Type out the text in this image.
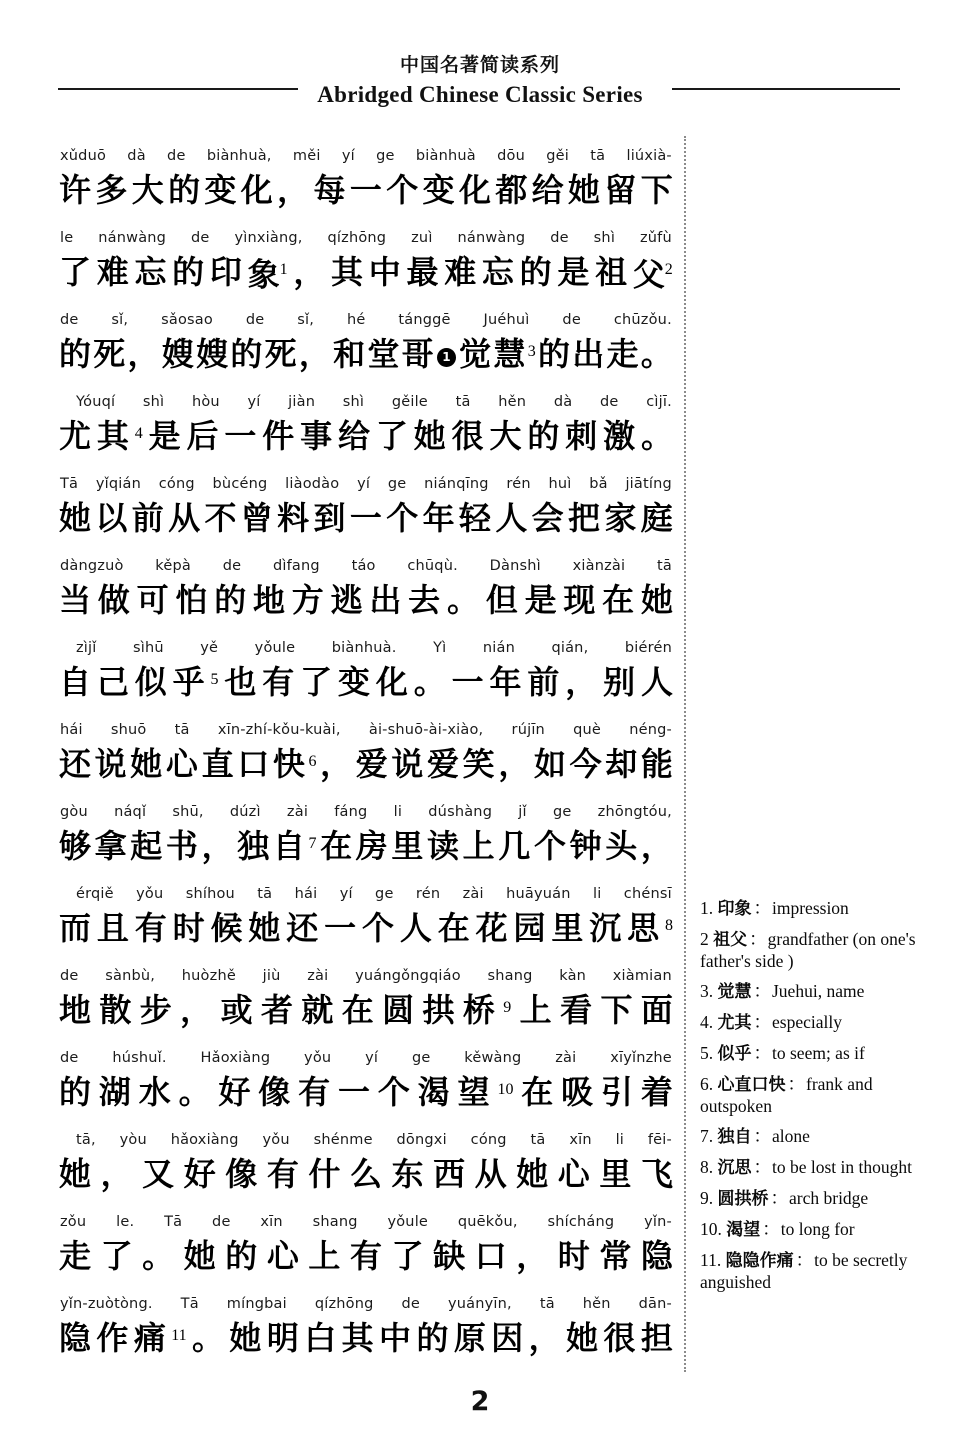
中国名著简读系列
Abridged Chinese Classic Series
xǔduō dà de biànhuà, měi yí ge biànhuà dōu gěi tā liúxià-
许 多 大 的 变 化 ， 每 一 个 变 化 都 给 她 留 下
le nánwàng de yìnxiàng, qízhōng zuì nánwàng de shì zǔfù
了 难 忘 的 印 象$^1$ ， 其 中 最 难 忘 的 是 祖 父$^2$
de sǐ, sǎosao de sǐ, hé tánggē Juéhuì de chūzǒu.
的 死 ， 嫂 嫂 的 死 ， 和 堂 哥 1 觉 慧 $^3$ 的 出 走 。
Yóuqí shì hòu yí jiàn shì gěile tā hěn dà de cìjī.
尤 其 $^4$ 是 后 一 件 事 给 了 她 很 大 的 刺 激 。
Tā yǐqián cóng bùcéng liàodào yí ge niánqīng rén huì bǎ jiātíng
她 以 前 从 不 曾 料 到 一 个 年 轻 人 会 把 家 庭
dàngzuò kěpà de dìfang táo chūqù. Dànshì xiànzài tā
当 做 可 怕 的 地 方 逃 出 去 。 但 是 现 在 她
zìjǐ	sìhū	yě	yǒule	biànhuà.	Yì	nián	qián,	biérén
自 己 似 乎 $^5$ 也 有 了 变 化 。 一 年 前 ， 别 人
hái shuō tā xīn-zhí-kǒu-kuài, ài-shuō-ài-xiào, rújīn què néng-
还 说 她 心 直 口 快 $^6$ ， 爱 说 爱 笑 ， 如 今 却 能
gòu náqǐ shū, dúzì zài fáng li dúshàng jǐ ge zhōngtóu,
够 拿 起 书 ， 独 自 $^7$ 在 房 里 读 上 几 个 钟 头 ，
érqiě yǒu shíhou tā hái yí ge rén zài huāyuán li chénsī
而 且 有 时 候 她 还 一 个 人 在 花 园 里 沉 思 $^8$
de sànbù, huòzhě jiù zài yuángǒngqiáo shang kàn xiàmian
地 散 步 ， 或 者 就 在 圆 拱 桥 $^9$ 上 看 下 面
de húshuǐ. Hǎoxiàng yǒu yí ge kěwàng zài xīyǐnzhe
的 湖 水 。 好 像 有 一 个 渴 望 $^{10}$ 在 吸 引 着
tā, yòu hǎoxiàng yǒu shénme dōngxi cóng tā xīn li fēi-
她 ， 又 好 像 有 什 么 东 西 从 她 心 里 飞
zǒu le. Tā de xīn shang yǒule quēkǒu, shícháng yǐn-
走 了 。 她 的 心 上 有 了 缺 口 ， 时 常 隐
yǐn-zuòtòng. Tā míngbai qízhōng de yuányīn, tā hěn dān-
隐 作 痛 $^{11}$ 。 她 明 白 其 中 的 原 因 ， 她 很 担
1. 印象 ：impression
2 祖父 ：grandfather (on one's father's side )
3. 觉慧 ：Juehui, name
4. 尤其 ：especially
5. 似乎 ：to seem; as if
6. 心直口快 ：frank and outspoken
7. 独自 ：alone
8. 沉思 ：to be lost in thought
9. 圆拱桥 ：arch bridge
10. 渴望 ：to long for
11. 隐隐作痛 ：to be secretly anguished
2
